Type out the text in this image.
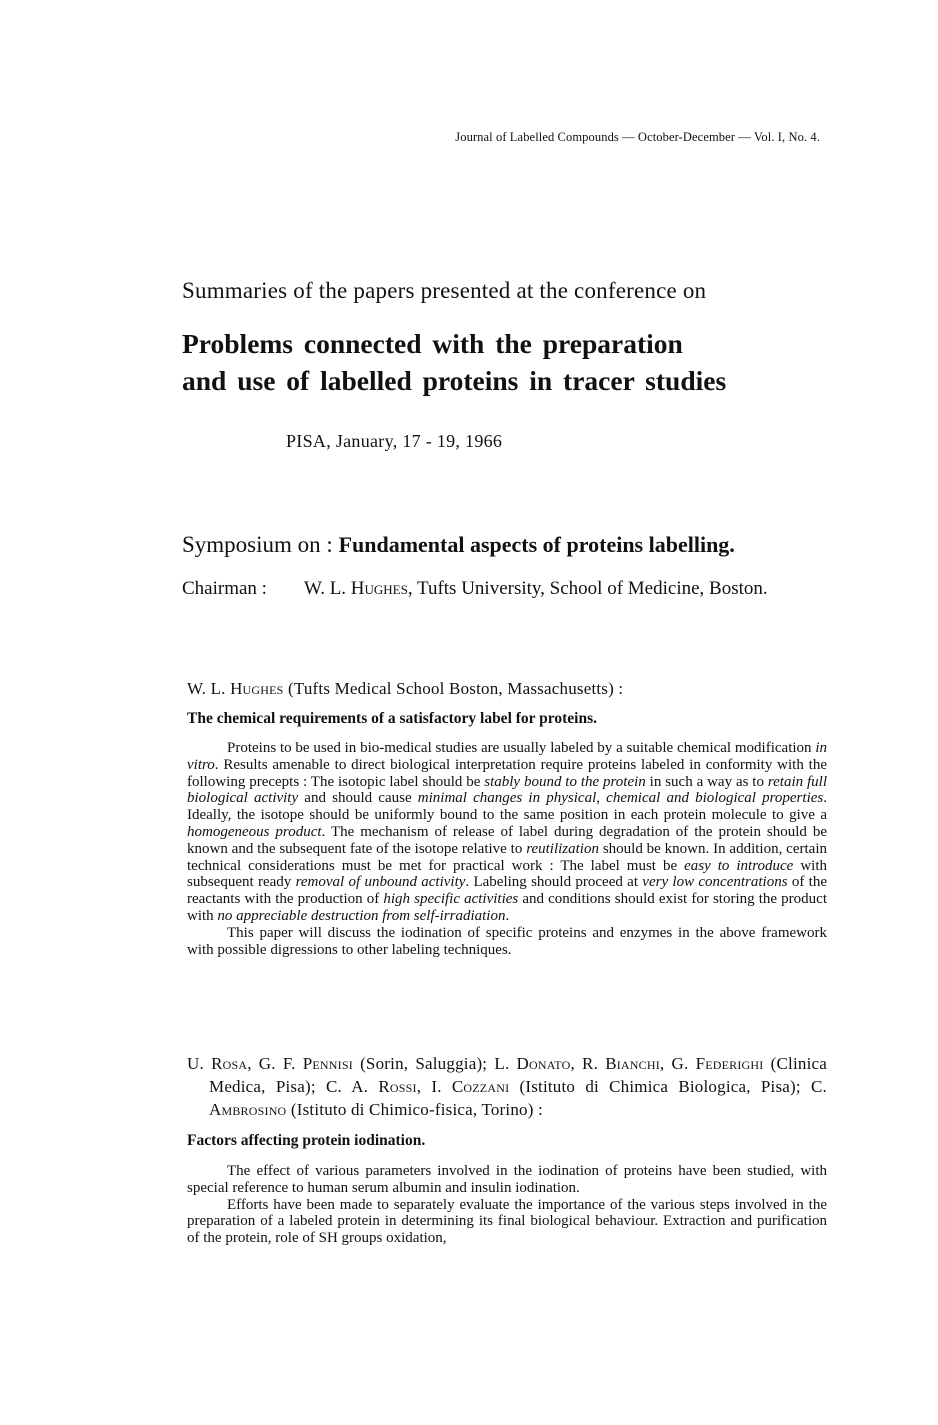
Journal of Labelled Compounds — October-December — Vol. I, No. 4.
Summaries of the papers presented at the conference on
Problems connected with the preparation
and use of labelled proteins in tracer studies
PISA, January, 17 - 19, 1966
Symposium on : Fundamental aspects of proteins labelling.
Chairman : W. L. Hughes, Tufts University, School of Medicine, Boston.
W. L. Hughes (Tufts Medical School Boston, Massachusetts) :
The chemical requirements of a satisfactory label for proteins.

Proteins to be used in bio-medical studies are usually labeled by a suitable chemical modification in vitro. Results amenable to direct biological interpretation require proteins labeled in conformity with the following precepts : The isotopic label should be stably bound to the protein in such a way as to retain full biological activity and should cause minimal changes in physical, chemical and biological properties. Ideally, the isotope should be uniformly bound to the same position in each protein molecule to give a homogeneous product. The mechanism of release of label during degradation of the protein should be known and the subsequent fate of the isotope relative to reutilization should be known. In addition, certain technical considerations must be met for practical work : The label must be easy to introduce with subsequent ready removal of unbound activity. Labeling should proceed at very low concentrations of the reactants with the production of high specific activities and conditions should exist for storing the product with no appreciable destruction from self-irradiation.

This paper will discuss the iodination of specific proteins and enzymes in the above framework with possible digressions to other labeling techniques.

U. Rosa, G. F. Pennisi (Sorin, Saluggia); L. Donato, R. Bianchi, G. Federighi (Clinica Medica, Pisa); C. A. Rossi, I. Cozzani (Istituto di Chimica Biologica, Pisa); C. Ambrosino (Istituto di Chimico-fisica, Torino) :
Factors affecting protein iodination.

The effect of various parameters involved in the iodination of proteins have been studied, with special reference to human serum albumin and insulin iodination.

Efforts have been made to separately evaluate the importance of the various steps involved in the preparation of a labeled protein in determining its final biological behaviour. Extraction and purification of the protein, role of SH groups oxidation,
